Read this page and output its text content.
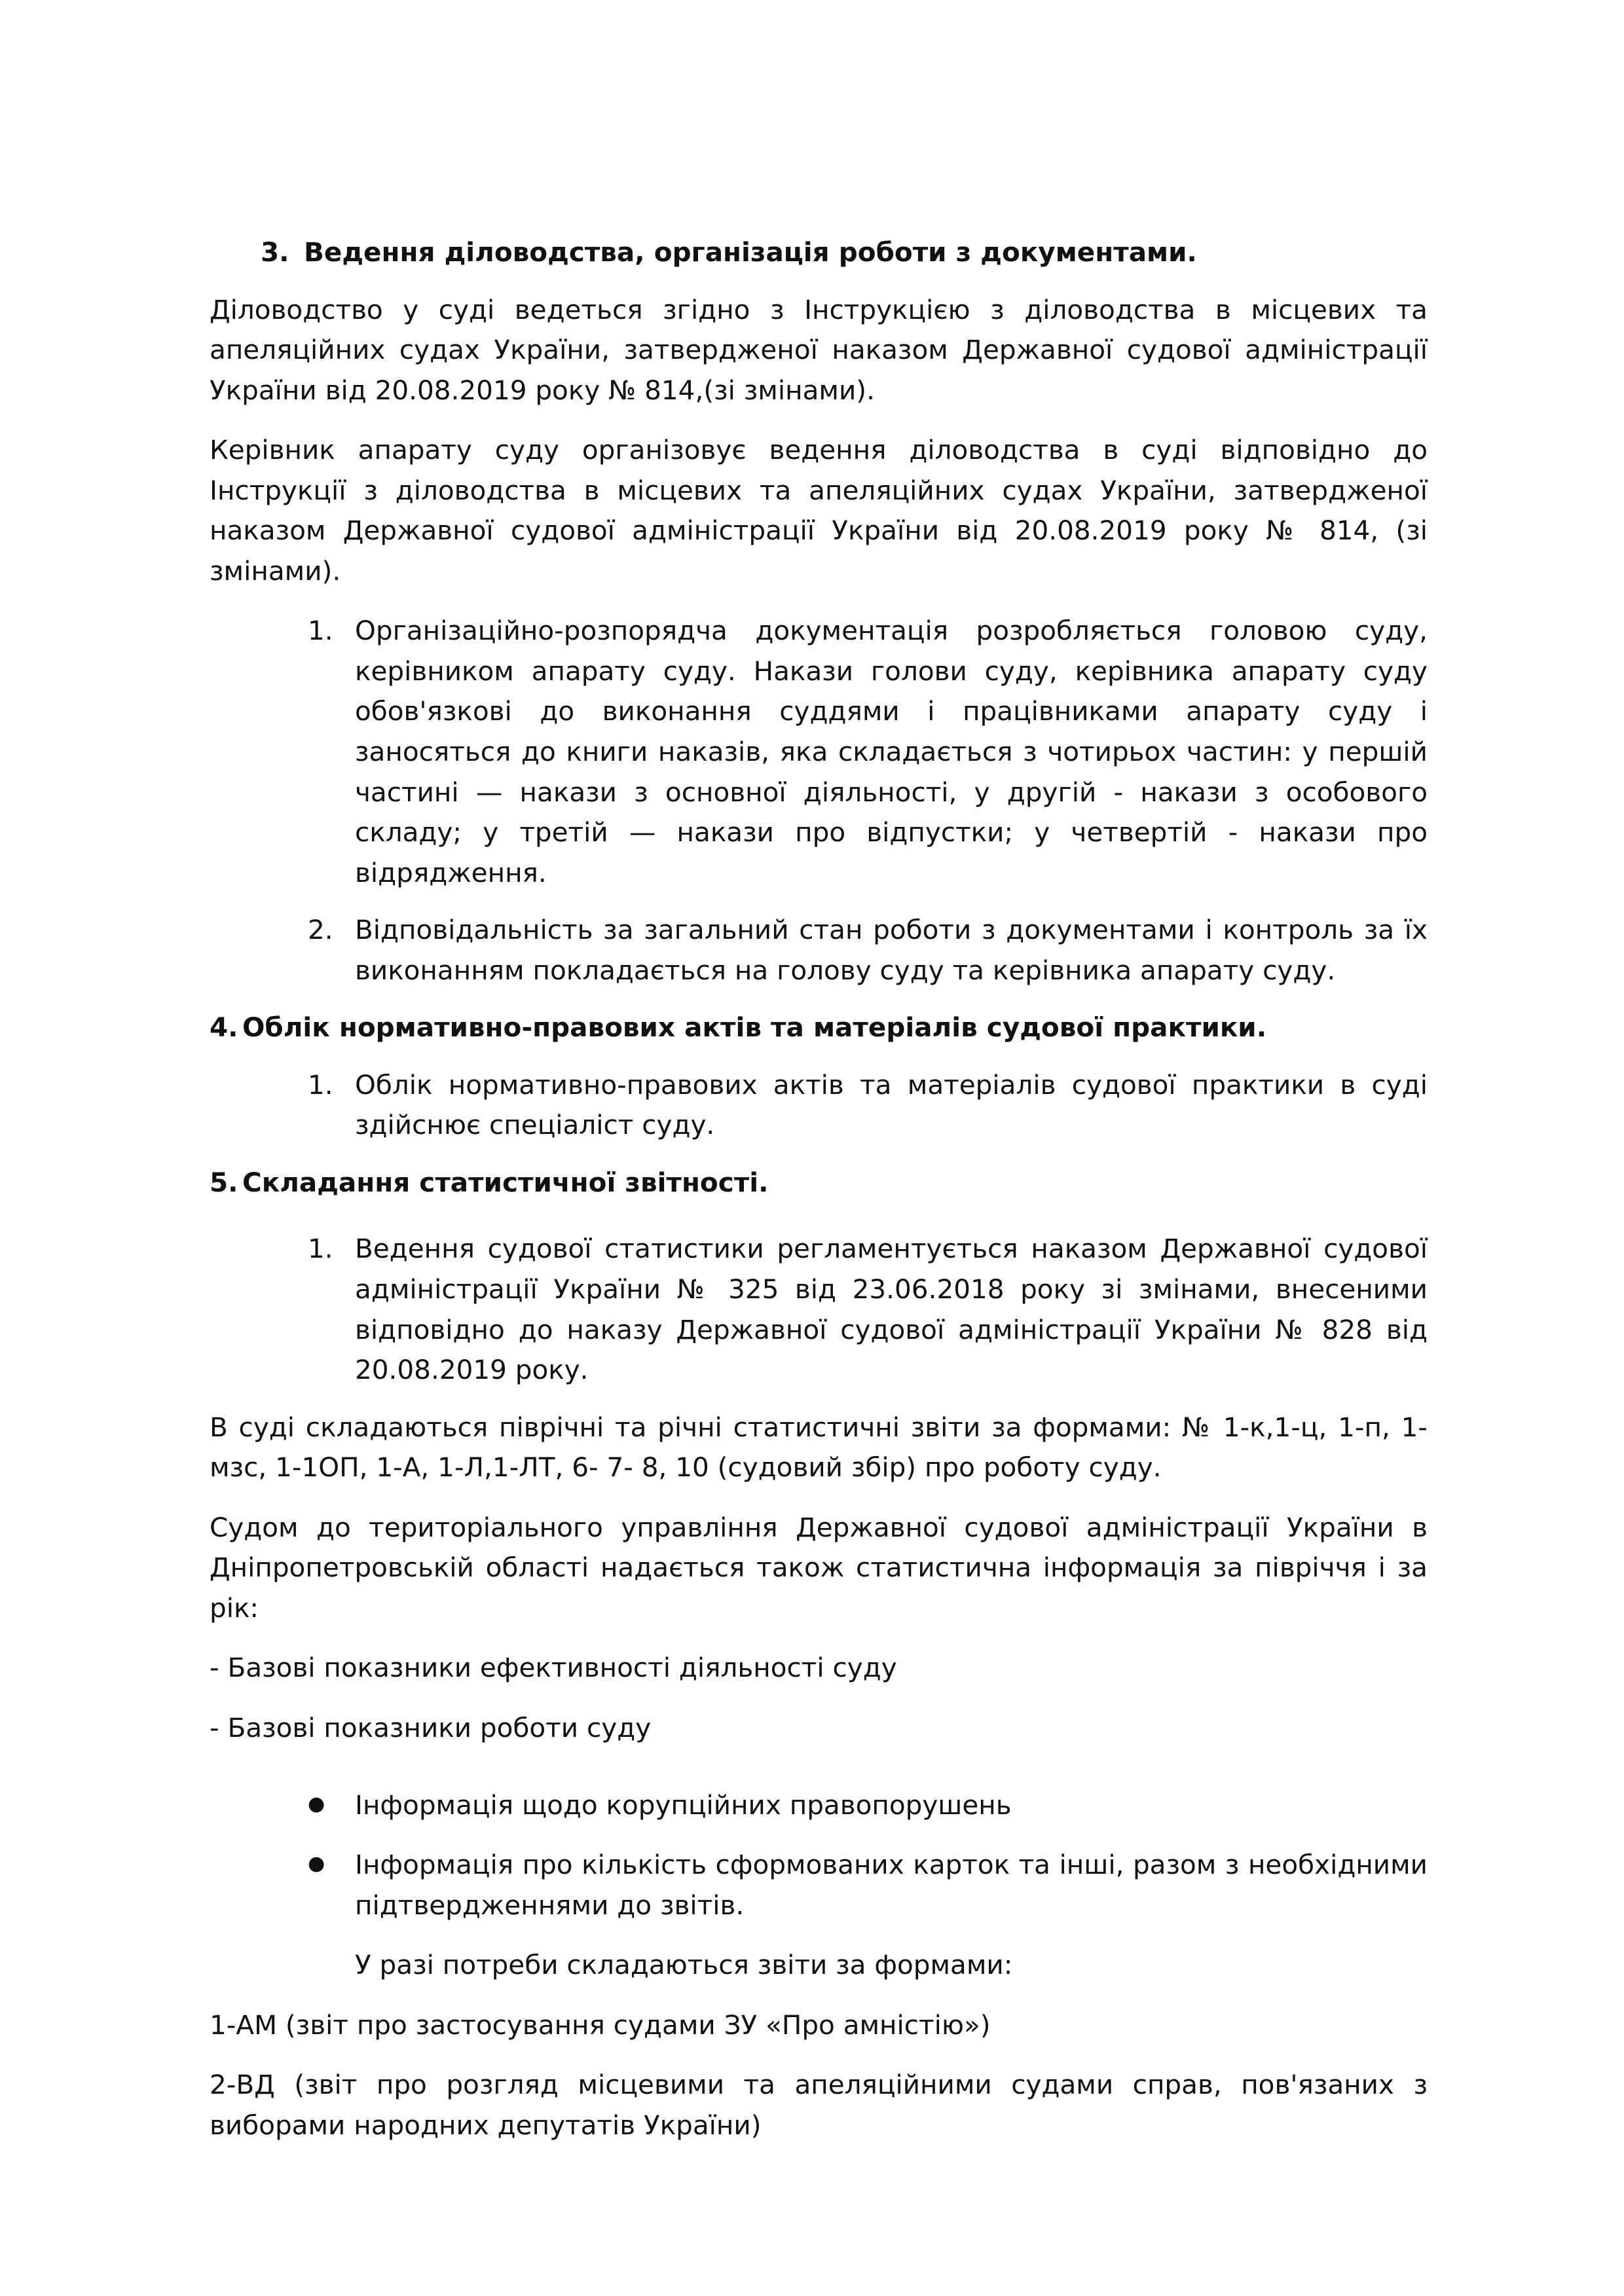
3. Ведення діловодства, організація роботи з документами.

Діловодство у суді ведеться згідно з Інструкцією з діловодства в місцевих та апеляційних судах України, затвердженої наказом Державної судової адміністрації України від 20.08.2019 року № 814,(зі змінами).

Керівник апарату суду організовує ведення діловодства в суді відповідно до Інструкції з діловодства в місцевих та апеляційних судах України, затвердженої наказом Державної судової адміністрації України від 20.08.2019 року № 814, (зі змінами).

1. Організаційно-розпорядча документація розробляється головою суду, керівником апарату суду. Накази голови суду, керівника апарату суду обов'язкові до виконання суддями і працівниками апарату суду і заносяться до книги наказів, яка складається з чотирьох частин: у першій частині — накази з основної діяльності, у другій - накази з особового складу; у третій — накази про відпустки; у четвертій - накази про відрядження.
2. Відповідальність за загальний стан роботи з документами і контроль за їх виконанням покладається на голову суду та керівника апарату суду.
4. Облік нормативно-правових актів та матеріалів судової практики.
1. Облік нормативно-правових актів та матеріалів судової практики в суді здійснює спеціаліст суду.
5. Складання статистичної звітності.
1. Ведення судової статистики регламентується наказом Державної судової адміністрації України № 325 від 23.06.2018 року зі змінами, внесеними відповідно до наказу Державної судової адміністрації України № 828 від 20.08.2019 року.

В суді складаються піврічні та річні статистичні звіти за формами: № 1-к,1-ц, 1-п, 1-мзс, 1-1ОП, 1-А, 1-Л,1-ЛТ, 6- 7- 8, 10 (судовий збір) про роботу суду.

Судом до територіального управління Державної судової адміністрації України в Дніпропетровській області надається також статистична інформація за півріччя і за рік:

- Базові показники ефективності діяльності суду

- Базові показники роботи суду

●	Інформація щодо корупційних правопорушень
●	Інформація про кількість сформованих карток та інші, разом з необхідними підтвердженнями до звітів.

У разі потреби складаються звіти за формами:

1-АМ (звіт про застосування судами ЗУ «Про амністію»)

2-ВД (звіт про розгляд місцевими та апеляційними судами справ, пов'язаних з виборами народних депутатів України)
